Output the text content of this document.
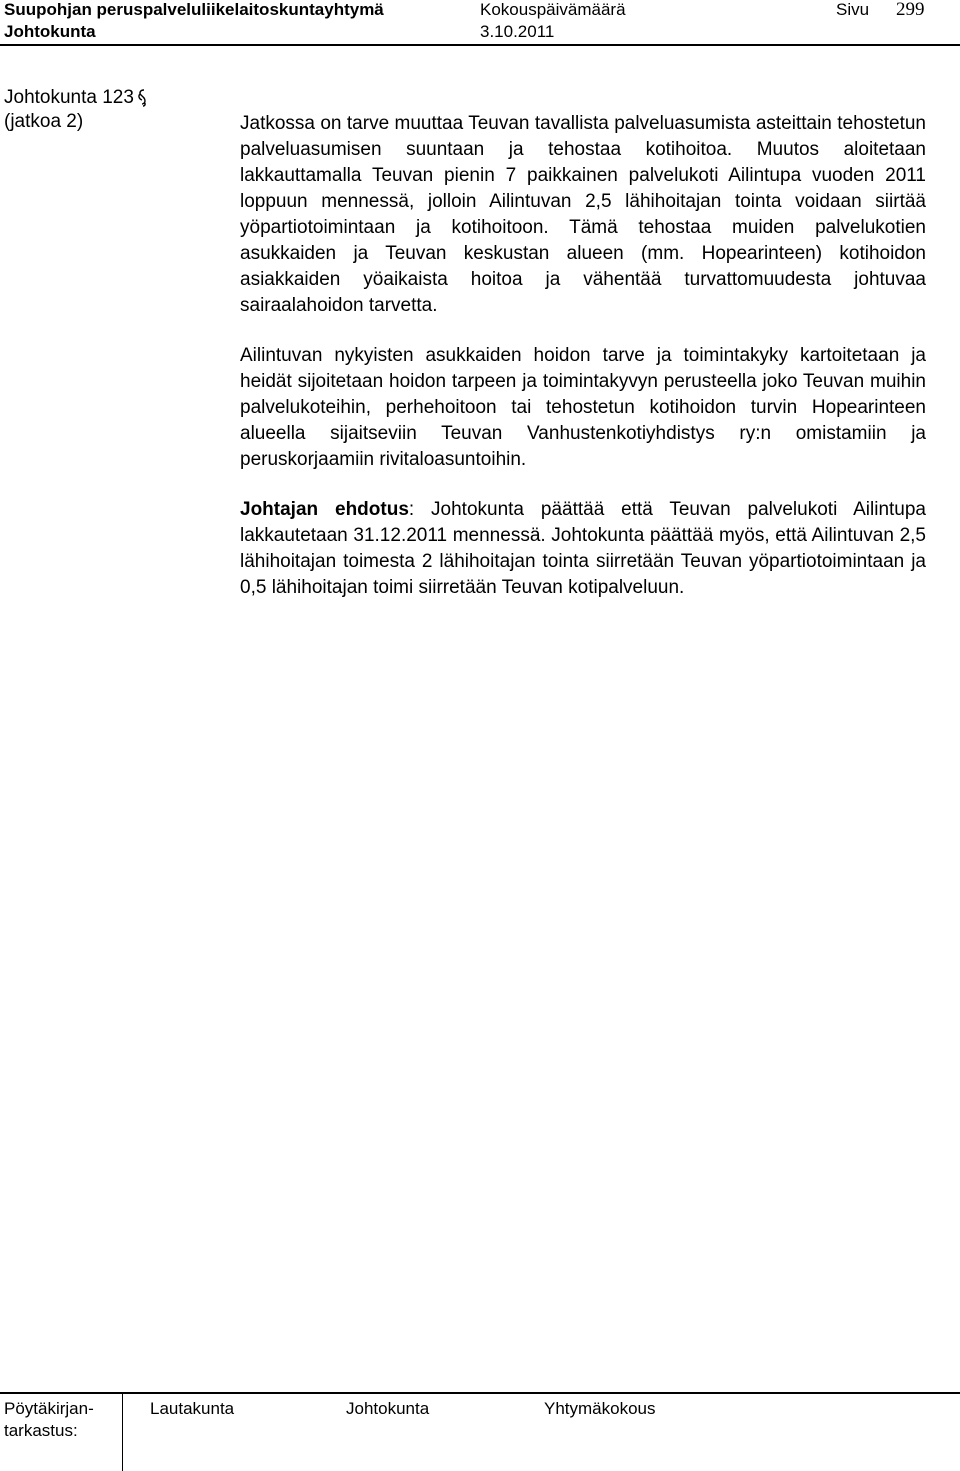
Suupohjan peruspalveluliikelaitoskuntayhtymä	Kokouspäivämäärä	Sivu 299
Johtokunta	3.10.2011
Johtokunta 123
(jatkoa 2)	Jatkossa on tarve muuttaa Teuvan tavallista palveluasumista asteittain tehostetun palveluasumisen suuntaan ja tehostaa kotihoitoa. Muutos aloitetaan lakkauttamalla Teuvan pienin 7 paikkainen palvelukoti Ailintupa vuoden 2011 loppuun mennessä, jolloin Ailintuvan 2,5 lähihoitajan tointa voidaan siirtää yöpartiotoimintaan ja kotihoitoon. Tämä tehostaa muiden palvelukotien asukkaiden ja Teuvan keskustan alueen (mm. Hopearinteen) kotihoidon asiakkaiden yöaikaista hoitoa ja vähentää turvattomuudesta johtuvaa sairaalahoidon tarvetta.

Ailintuvan nykyisten asukkaiden hoidon tarve ja toimintakyky kartoitetaan ja heidät sijoitetaan hoidon tarpeen ja toimintakyvyn perusteella joko Teuvan muihin palvelukoteihin, perhehoitoon tai tehostetun kotihoidon turvin Hopearinteen alueella sijaitseviin Teuvan Vanhustenkotiyhdistys ry:n omistamiin ja peruskorjaamiin rivitaloasuntoihin.

Johtajan ehdotus: Johtokunta päättää että Teuvan palvelukoti Ailintupa lakkautetaan 31.12.2011 mennessä. Johtokunta päättää myös, että Ailintuvan 2,5 lähihoitajan toimesta 2 lähihoitajan tointa siirretään Teuvan yöpartiotoimintaan ja 0,5 lähihoitajan toimi siirretään Teuvan kotipalveluun.

Pöytäkirjan-
tarkastus:
Lautakunta	Johtokunta	Yhtymäkokous
